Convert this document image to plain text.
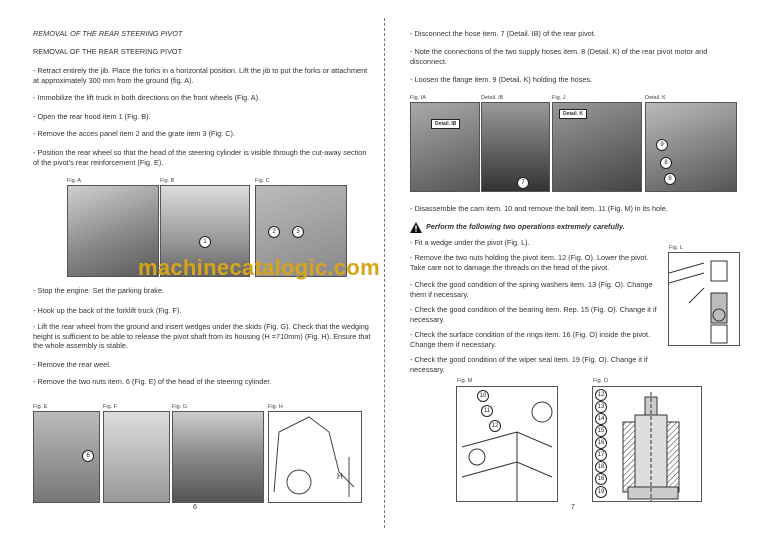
REMOVAL OF THE REAR STEERING PIVOT
REMOVAL OF THE REAR STEERING PIVOT
- Retract entirely the jib. Place the forks in a horizontal position. Lift the jib to put the forks or attachment at approximately 300 mm from the ground (fig. A).
- Immobilize the lift truck in both directions on the front wheels (Fig. A).
- Open the rear hood item 1 (Fig. B).
- Remove the acces panel item 2 and the grate item 3 (Fig. C).
- Position the rear wheel so that the head of the steering cylinder is visible through the cut-away section of the pivot's rear reinforcement (Fig. E).
Fig. A	Fig. B	Fig. C
1
3
2
- Stop the engine. Set the parking brake.
- Hook up the back of the forklift truck (Fig. F).
- Lift the rear wheel from the ground and insert wedges under the skids (Fig. G). Check that the wedging height is sufficient to be able to release the pivot shaft from its housing (H =710mm) (Fig. H). Ensure that the whole assembly is stable.
- Remove the rear weel.
- Remove the two nuts item. 6 (Fig. E) of the head of the steering cylinder.
Fig. E	Fig. F	Fig. G	Fig. H
6
H
6
- Disconnect the hose item. 7 (Detail. IB) of the rear pivot.
- Note the connections of the two supply hoses item. 8 (Detail. K) of the rear pivot motor and disconnect.
- Loosen the flange item. 9 (Detail. K) holding the hoses.
Fig. IA	Detail. IB	Fig. J	Detail. K
Detail. IB
7
Detail. K
9
8
8
- Disassemble the cam item. 10 and remove the ball item. 11 (Fig. M) in its hole.
Perform the following two operations extremely carefully.
- Fit a wedge under the pivot (Fig. L).
- Remove the two nuts holding the pivot item. 12 (Fig. O). Lower the pivot. Take care not to damage the threads on the head of the pivot.
- Check the good condition of the spring washers item. 13 (Fig. O). Change them if necessary.
- Check the good condition of the bearing item. Rep. 15 (Fig. O). Change it if necessary.
- Check the surface condition of the rings item. 16 (Fig. O) inside the pivot. Change them if necessary.
- Check the good condition of the wiper seal item. 19 (Fig. O). Change it if necessary.
Fig. L
Fig. M
10
11
12
Fig. O
12
13
14
15
16
17
18
16
19
7
machinecatalogic.com
